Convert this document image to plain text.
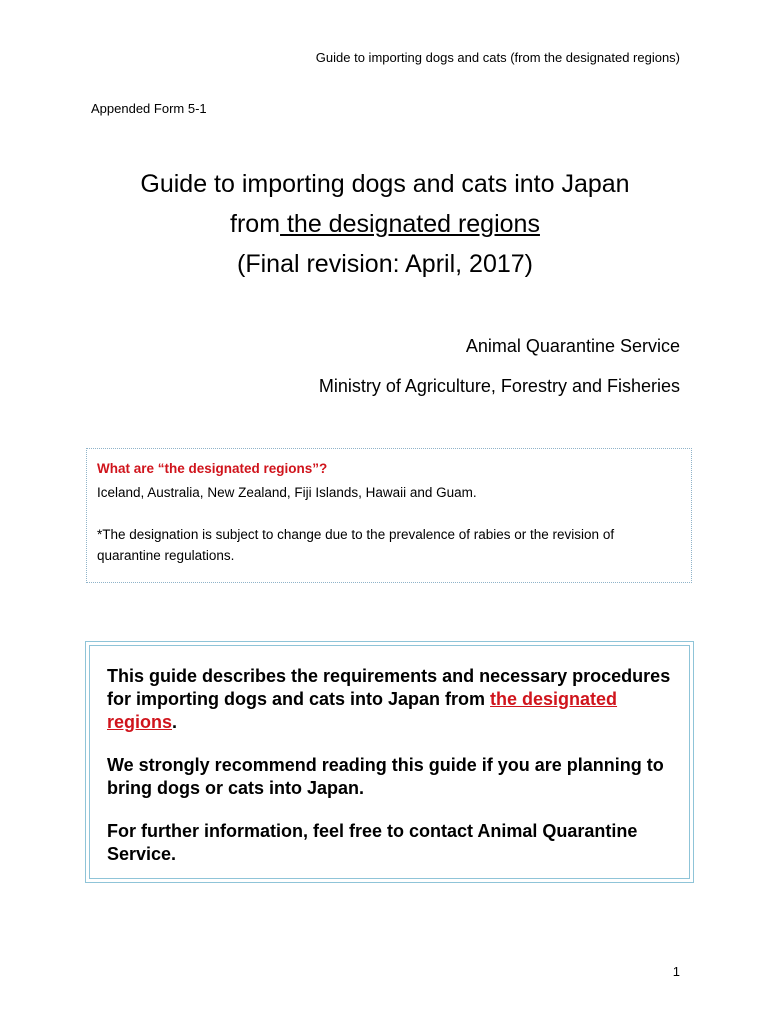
Guide to importing dogs and cats (from the designated regions)
Appended Form 5-1
Guide to importing dogs and cats into Japan
from the designated regions
(Final revision: April, 2017)
Animal Quarantine Service
Ministry of Agriculture, Forestry and Fisheries

What are “the designated regions”?

Iceland, Australia, New Zealand, Fiji Islands, Hawaii and Guam.

*The designation is subject to change due to the prevalence of rabies or the revision of quarantine regulations.

This guide describes the requirements and necessary procedures for importing dogs and cats into Japan from the designated regions.

We strongly recommend reading this guide if you are planning to bring dogs or cats into Japan.

For further information, feel free to contact Animal Quarantine Service.

1
